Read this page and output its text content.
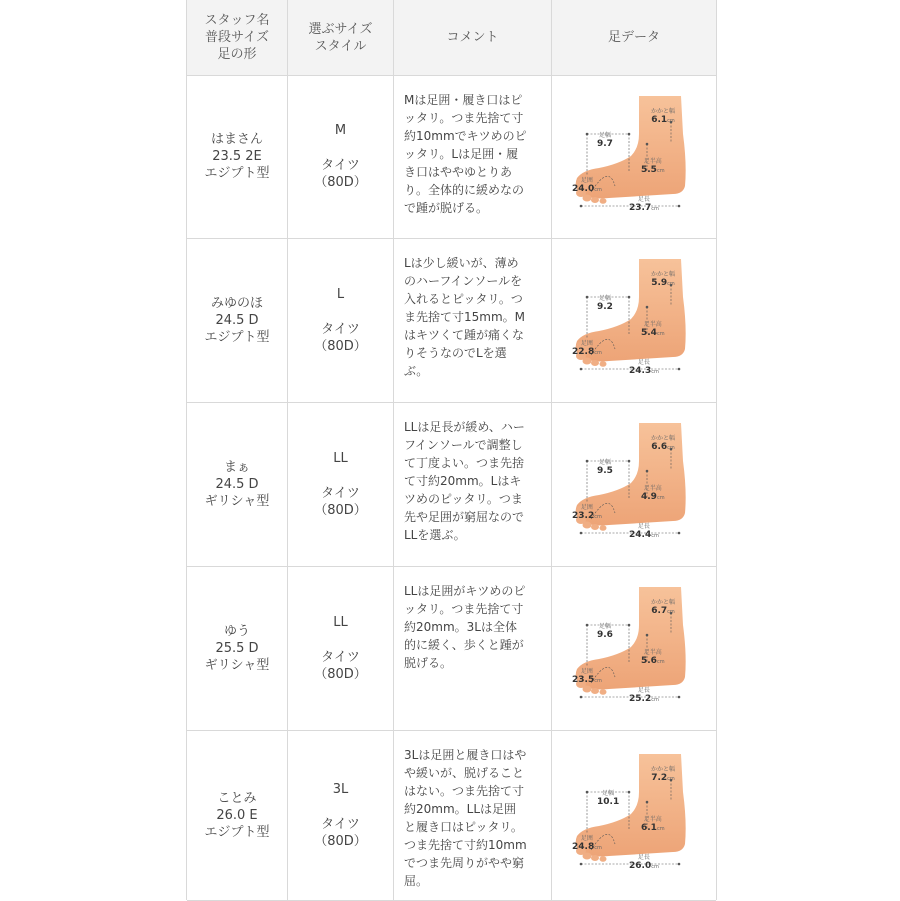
スタッフ名
普段サイズ
足の形
選ぶサイズ
スタイル
コメント	足データ
はまさん
23.5 2E
エジプト型
M
タイツ
（80D）
Mは足囲・履き口はピ
ッタリ。つま先捨て寸
約10mmでキツめのピ
ッタリ。Lは足囲・履
き口はややゆとりあ
り。全体的に緩めなの
で踵が脱げる。
足幅
9.7
かかと幅
6.1cm
足半高
5.5cm
足囲
24.0cm
足長
23.7cm
みゆのほ
24.5 D
エジプト型
L
タイツ
（80D）
Lは少し緩いが、薄め
のハーフインソールを
入れるとピッタリ。つ
ま先捨て寸15mm。M
はキツくて踵が痛くな
りそうなのでLを選
ぶ。
足幅
9.2
かかと幅
5.9cm
足半高
5.4cm
足囲
22.8cm
足長
24.3cm
まぁ
24.5 D
ギリシャ型
LL
タイツ
（80D）
LLは足長が緩め、ハー
フインソールで調整し
て丁度よい。つま先捨
て寸約20mm。Lはキ
ツめのピッタリ。つま
先や足囲が窮屈なので
LLを選ぶ。
足幅
9.5
かかと幅
6.6cm
足半高
4.9cm
足囲
23.2cm
足長
24.4cm
ゆう
25.5 D
ギリシャ型
LL
タイツ
（80D）
LLは足囲がキツめのピ
ッタリ。つま先捨て寸
約20mm。3Lは全体
的に緩く、歩くと踵が
脱げる。
足幅
9.6
かかと幅
6.7cm
足半高
5.6cm
足囲
23.5cm
足長
25.2cm
ことみ
26.0 E
エジプト型
3L
タイツ
（80D）
3Lは足囲と履き口はや
や緩いが、脱げること
はない。つま先捨て寸
約20mm。LLは足囲
と履き口はピッタリ。
つま先捨て寸約10mm
でつま先周りがやや窮
屈。
足幅
10.1
かかと幅
7.2cm
足半高
6.1cm
足囲
24.8cm
足長
26.0cm
